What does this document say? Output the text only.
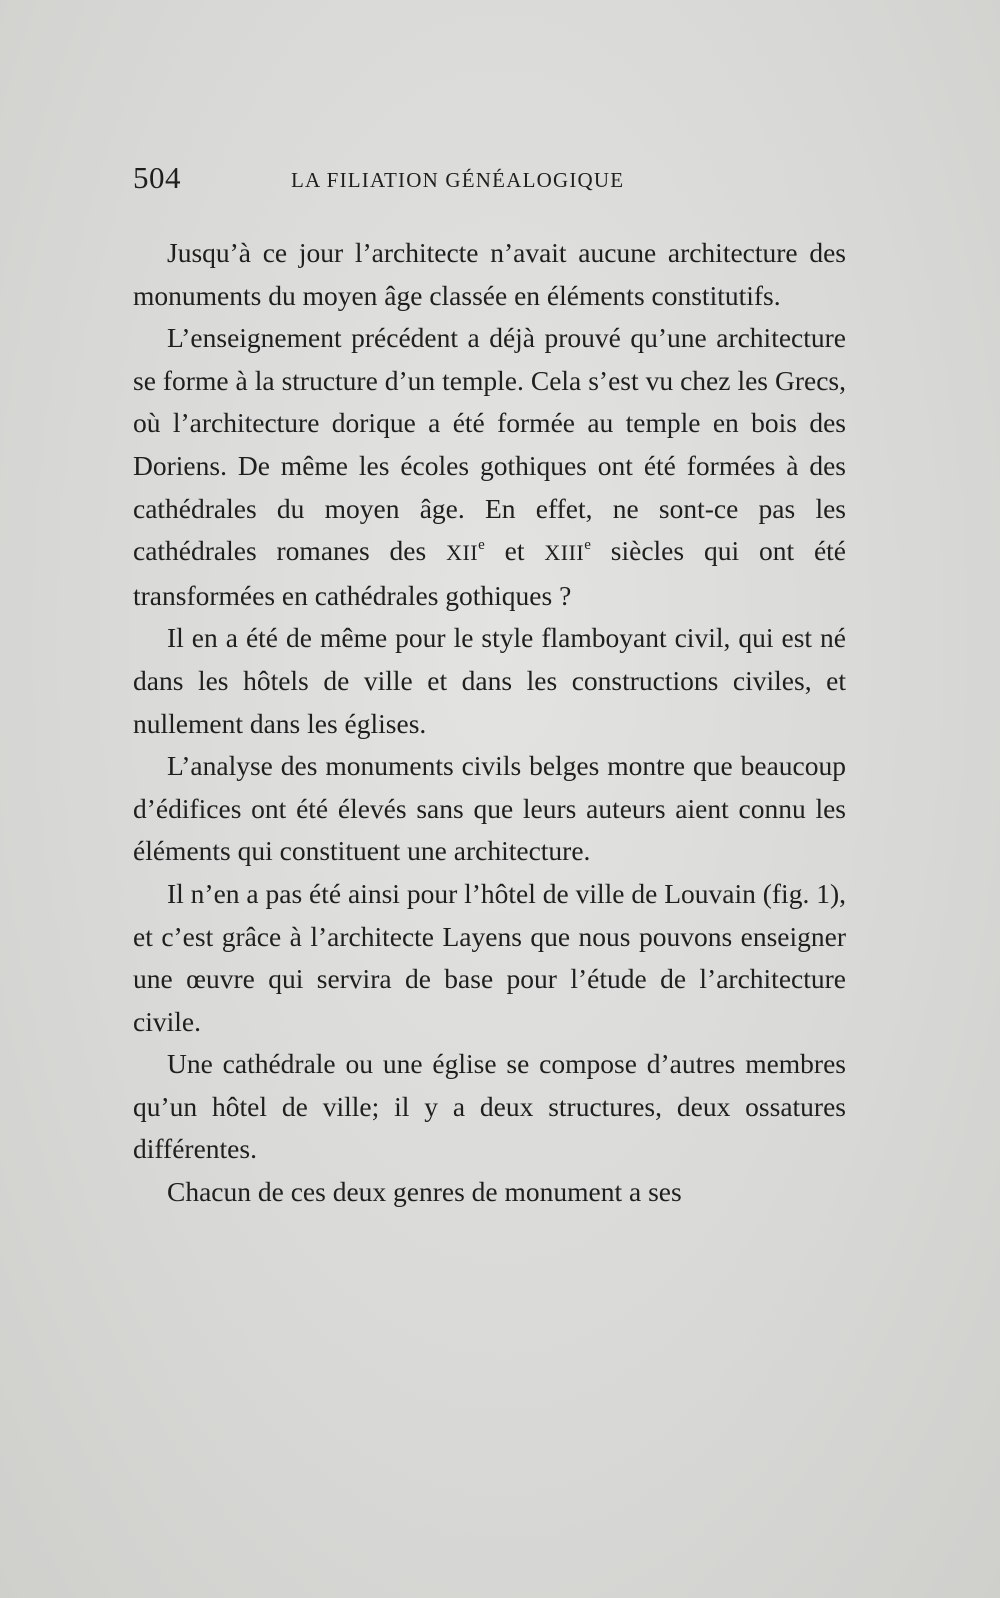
504	LA FILIATION GÉNÉALOGIQUE

Jusqu’à ce jour l’architecte n’avait aucune architecture des monuments du moyen âge classée en éléments constitutifs.

L’enseignement précédent a déjà prouvé qu’une architecture se forme à la structure d’un temple. Cela s’est vu chez les Grecs, où l’architecture dorique a été formée au temple en bois des Doriens. De même les écoles gothiques ont été formées à des cathédrales du moyen âge. En effet, ne sont-ce pas les cathédrales romanes des XIIe et XIIIe siècles qui ont été transformées en cathédrales gothiques ?

Il en a été de même pour le style flamboyant civil, qui est né dans les hôtels de ville et dans les constructions civiles, et nullement dans les églises.

L’analyse des monuments civils belges montre que beaucoup d’édifices ont été élevés sans que leurs auteurs aient connu les éléments qui constituent une architecture.

Il n’en a pas été ainsi pour l’hôtel de ville de Louvain (fig. 1), et c’est grâce à l’architecte Layens que nous pouvons enseigner une œuvre qui servira de base pour l’étude de l’architecture civile.

Une cathédrale ou une église se compose d’autres membres qu’un hôtel de ville; il y a deux structures, deux ossatures différentes.

Chacun de ces deux genres de monument a ses
